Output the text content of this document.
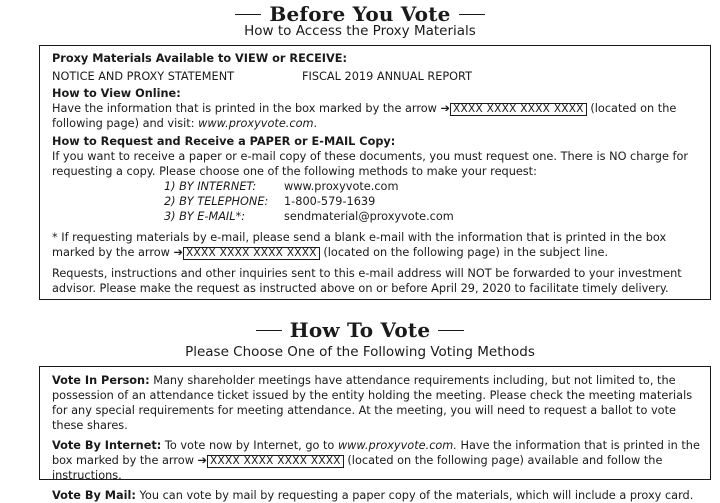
Before You Vote
How to Access the Proxy Materials

Proxy Materials Available to VIEW or RECEIVE:

NOTICE AND PROXY STATEMENT	FISCAL 2019 ANNUAL REPORT

How to View Online:

Have the information that is printed in the box marked by the arrow ➔ XXXX XXXX XXXX XXXX (located on the following page) and visit: www.proxyvote.com.

How to Request and Receive a PAPER or E-MAIL Copy:

If you want to receive a paper or e-mail copy of these documents, you must request one. There is NO charge for requesting a copy. Please choose one of the following methods to make your request:

1) BY INTERNET: www.proxyvote.com
2) BY TELEPHONE: 1-800-579-1639
3) BY E-MAIL*:	sendmaterial@proxyvote.com

* If requesting materials by e-mail, please send a blank e-mail with the information that is printed in the box marked by the arrow ➔ XXXX XXXX XXXX XXXX (located on the following page) in the subject line.

Requests, instructions and other inquiries sent to this e-mail address will NOT be forwarded to your investment advisor. Please make the request as instructed above on or before April 29, 2020 to facilitate timely delivery.

How To Vote
Please Choose One of the Following Voting Methods

Vote In Person: Many shareholder meetings have attendance requirements including, but not limited to, the possession of an attendance ticket issued by the entity holding the meeting. Please check the meeting materials for any special requirements for meeting attendance. At the meeting, you will need to request a ballot to vote these shares.

Vote By Internet: To vote now by Internet, go to www.proxyvote.com. Have the information that is printed in the box marked by the arrow ➔ XXXX XXXX XXXX XXXX (located on the following page) available and follow the instructions.

Vote By Mail: You can vote by mail by requesting a paper copy of the materials, which will include a proxy card.
